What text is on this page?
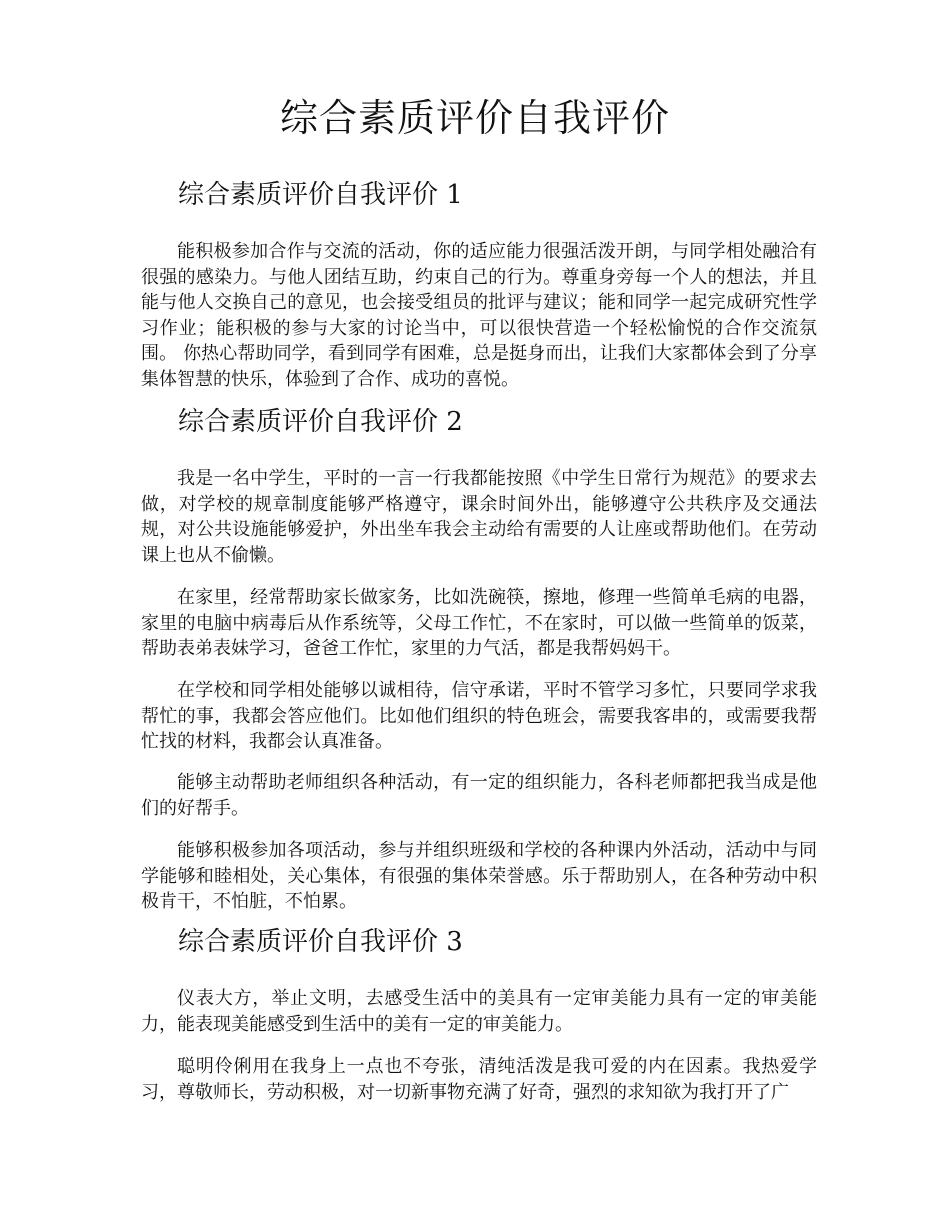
综合素质评价自我评价
综合素质评价自我评价 1

能积极参加合作与交流的活动，你的适应能力很强活泼开朗，与同学相处融洽有很强的感染力。与他人团结互助，约束自己的行为。尊重身旁每一个人的想法，并且能与他人交换自己的意见，也会接受组员的批评与建议；能和同学一起完成研究性学习作业；能积极的参与大家的讨论当中，可以很快营造一个轻松愉悦的合作交流氛围。 你热心帮助同学，看到同学有困难，总是挺身而出，让我们大家都体会到了分享集体智慧的快乐，体验到了合作、成功的喜悦。

综合素质评价自我评价 2

我是一名中学生，平时的一言一行我都能按照《中学生日常行为规范》的要求去做，对学校的规章制度能够严格遵守，课余时间外出，能够遵守公共秩序及交通法规，对公共设施能够爱护，外出坐车我会主动给有需要的人让座或帮助他们。在劳动课上也从不偷懒。

在家里，经常帮助家长做家务，比如洗碗筷，擦地，修理一些简单毛病的电器，家里的电脑中病毒后从作系统等，父母工作忙，不在家时，可以做一些简单的饭菜，帮助表弟表妹学习，爸爸工作忙，家里的力气活，都是我帮妈妈干。

在学校和同学相处能够以诚相待，信守承诺，平时不管学习多忙，只要同学求我帮忙的事，我都会答应他们。比如他们组织的特色班会，需要我客串的，或需要我帮忙找的材料，我都会认真准备。

能够主动帮助老师组织各种活动，有一定的组织能力，各科老师都把我当成是他们的好帮手。

能够积极参加各项活动，参与并组织班级和学校的各种课内外活动，活动中与同学能够和睦相处，关心集体，有很强的集体荣誉感。乐于帮助别人，在各种劳动中积极肯干，不怕脏，不怕累。

综合素质评价自我评价 3

仪表大方，举止文明，去感受生活中的美具有一定审美能力具有一定的审美能力，能表现美能感受到生活中的美有一定的审美能力。

聪明伶俐用在我身上一点也不夸张，清纯活泼是我可爱的内在因素。我热爱学习，尊敬师长，劳动积极，对一切新事物充满了好奇，强烈的求知欲为我打开了广
